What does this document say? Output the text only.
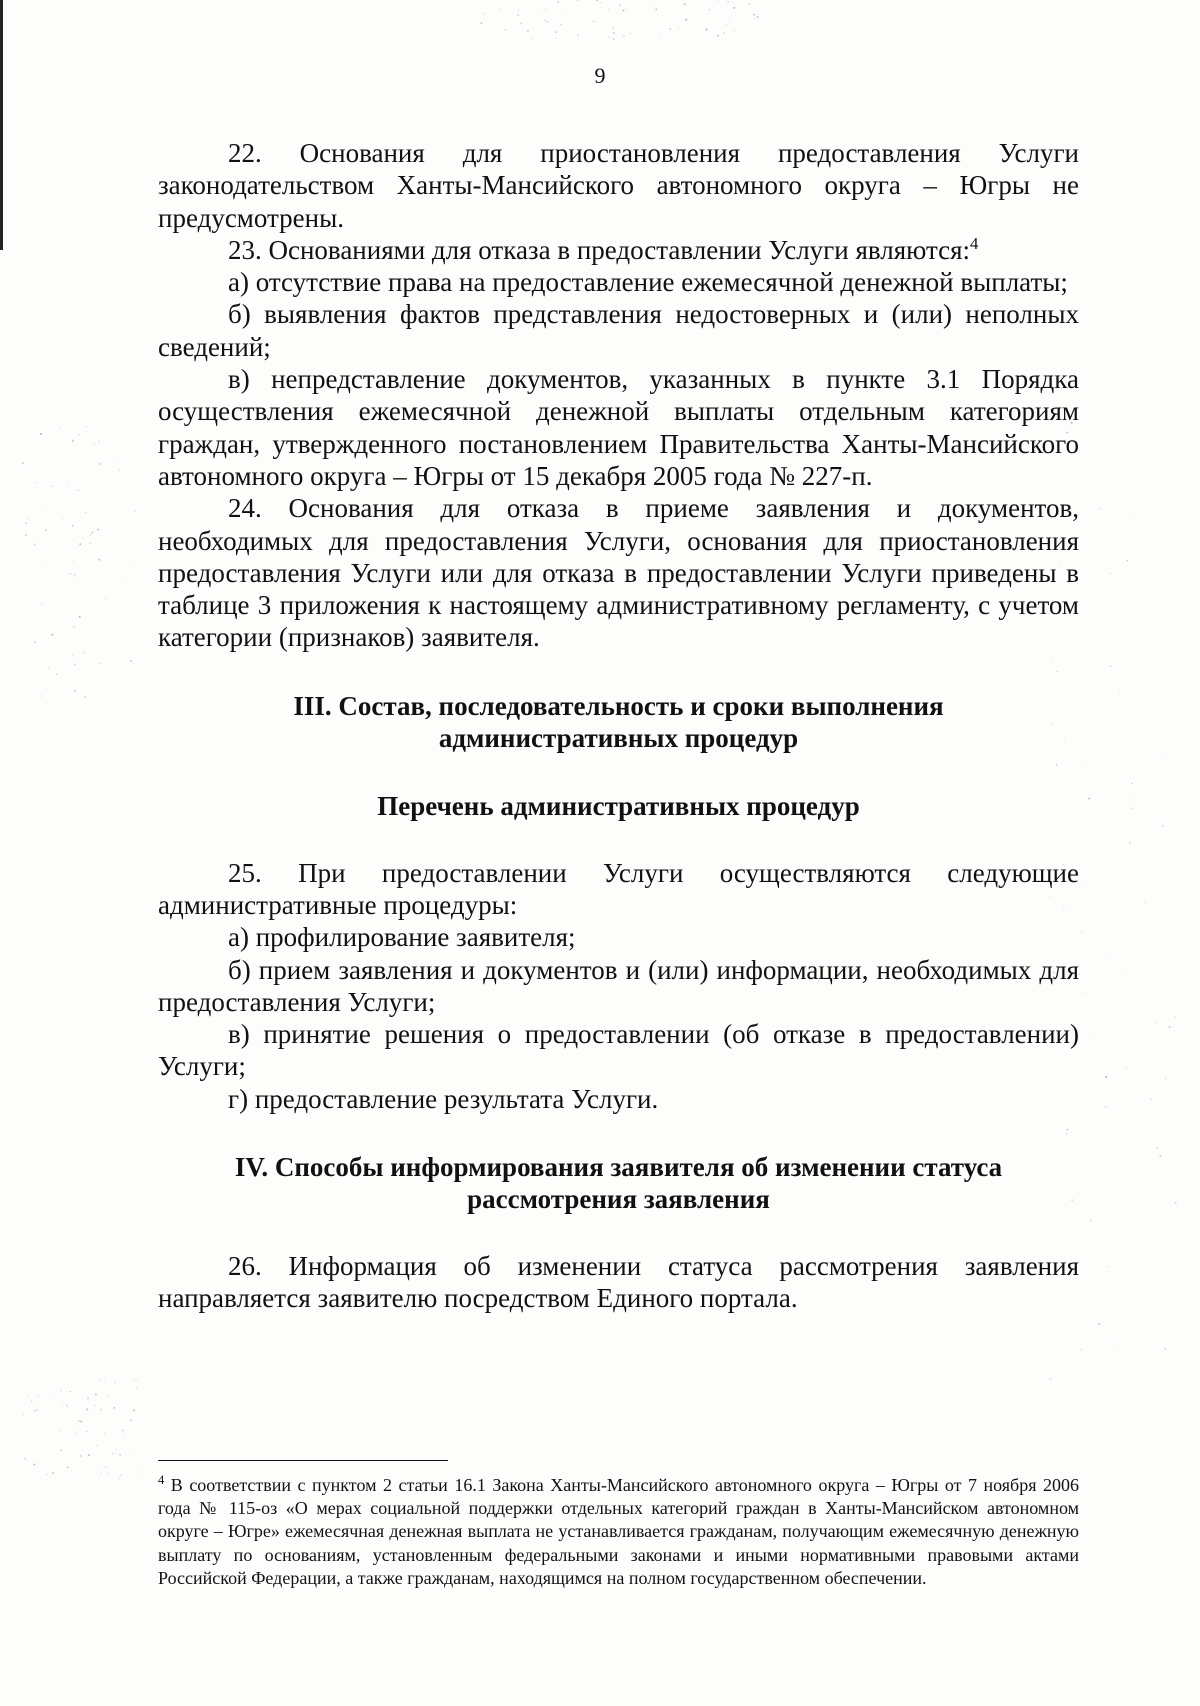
9

22. Основания для приостановления предоставления Услуги законодательством Ханты-Мансийского автономного округа – Югры не предусмотрены.

23. Основаниями для отказа в предоставлении Услуги являются:$^4$

а) отсутствие права на предоставление ежемесячной денежной выплаты;

б) выявления фактов представления недостоверных и (или) неполных сведений;

в) непредставление документов, указанных в пункте 3.1 Порядка осуществления ежемесячной денежной выплаты отдельным категориям граждан, утвержденного постановлением Правительства Ханты-Мансийского автономного округа – Югры от 15 декабря 2005 года № 227-п.

24. Основания для отказа в приеме заявления и документов, необходимых для предоставления Услуги, основания для приостановления предоставления Услуги или для отказа в предоставлении Услуги приведены в таблице 3 приложения к настоящему административному регламенту, с учетом категории (признаков) заявителя.

III. Состав, последовательность и сроки выполнения
административных процедур
Перечень административных процедур

25. При предоставлении Услуги осуществляются следующие административные процедуры:

а) профилирование заявителя;

б) прием заявления и документов и (или) информации, необходимых для предоставления Услуги;

в) принятие решения о предоставлении (об отказе в предоставлении) Услуги;

г) предоставление результата Услуги.

IV. Способы информирования заявителя об изменении статуса
рассмотрения заявления

26. Информация об изменении статуса рассмотрения заявления направляется заявителю посредством Единого портала.

$^4$ В соответствии с пунктом 2 статьи 16.1 Закона Ханты-Мансийского автономного округа – Югры от 7 ноября 2006 года № 115-оз «О мерах социальной поддержки отдельных категорий граждан в Ханты-Мансийском автономном округе – Югре» ежемесячная денежная выплата не устанавливается гражданам, получающим ежемесячную денежную выплату по основаниям, установленным федеральными законами и иными нормативными правовыми актами Российской Федерации, а также гражданам, находящимся на полном государственном обеспечении.
